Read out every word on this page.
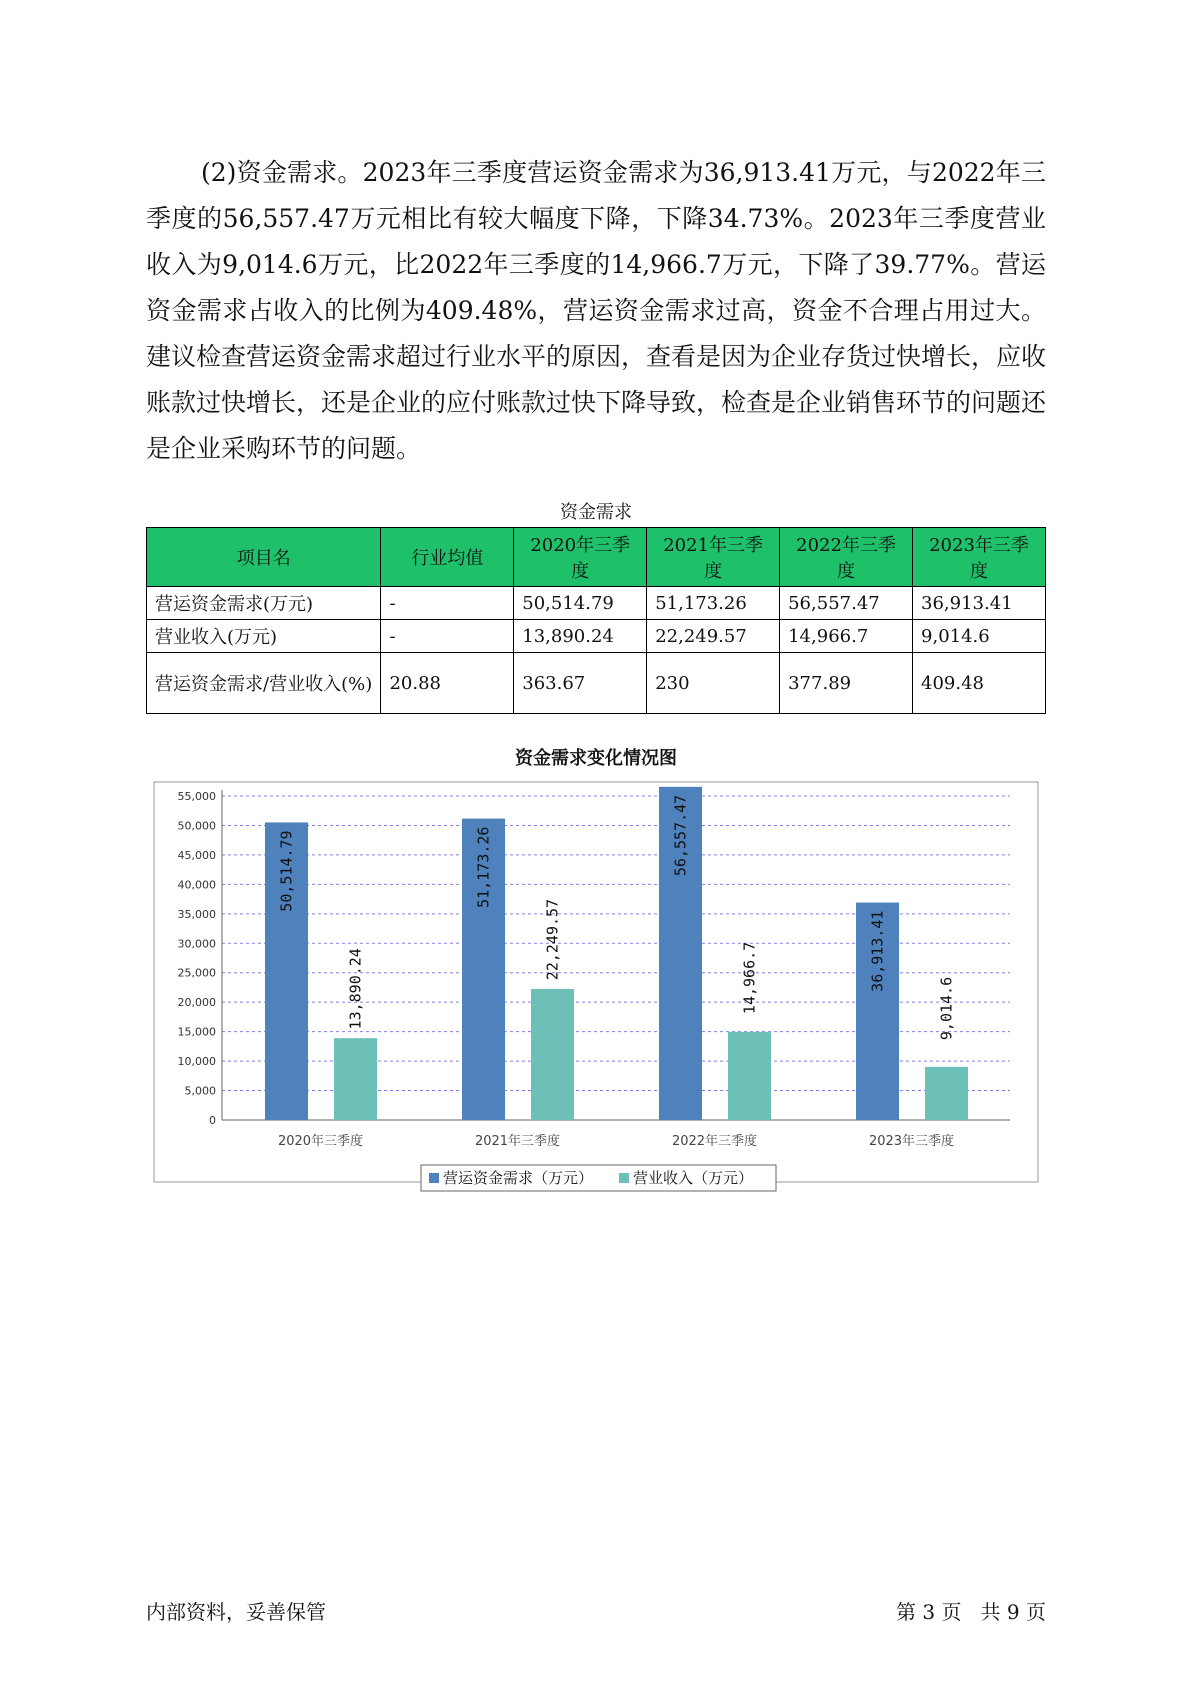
(2)资金需求。2023年三季度营运资金需求为36,913.41万元，与2022年三季度的56,557.47万元相比有较大幅度下降，下降34.73%。2023年三季度营业收入为9,014.6万元，比2022年三季度的14,966.7万元，下降了39.77%。营运资金需求占收入的比例为409.48%，营运资金需求过高，资金不合理占用过大。建议检查营运资金需求超过行业水平的原因，查看是因为企业存货过快增长，应收账款过快增长，还是企业的应付账款过快下降导致，检查是企业销售环节的问题还是企业采购环节的问题。

资金需求
项目名	行业均值	2020年三季度	2021年三季度	2022年三季度	2023年三季度
营运资金需求(万元)	-	50,514.79	51,173.26	56,557.47	36,913.41
营业收入(万元)	-	13,890.24	22,249.57	14,966.7	9,014.6
营运资金需求/营业收入(%)	20.88	363.67	230	377.89	409.48
资金需求变化情况图
0
5,000
10,000
15,000
20,000
25,000
30,000
35,000
40,000
45,000
50,000
55,000
50,514.79
13,890.24
2020年三季度
51,173.26
22,249.57
2021年三季度
56,557.47
14,966.7
2022年三季度
36,913.41
9,014.6
2023年三季度
营运资金需求（万元）	营业收入（万元）
内部资料，妥善保管	第 3 页   共 9 页
